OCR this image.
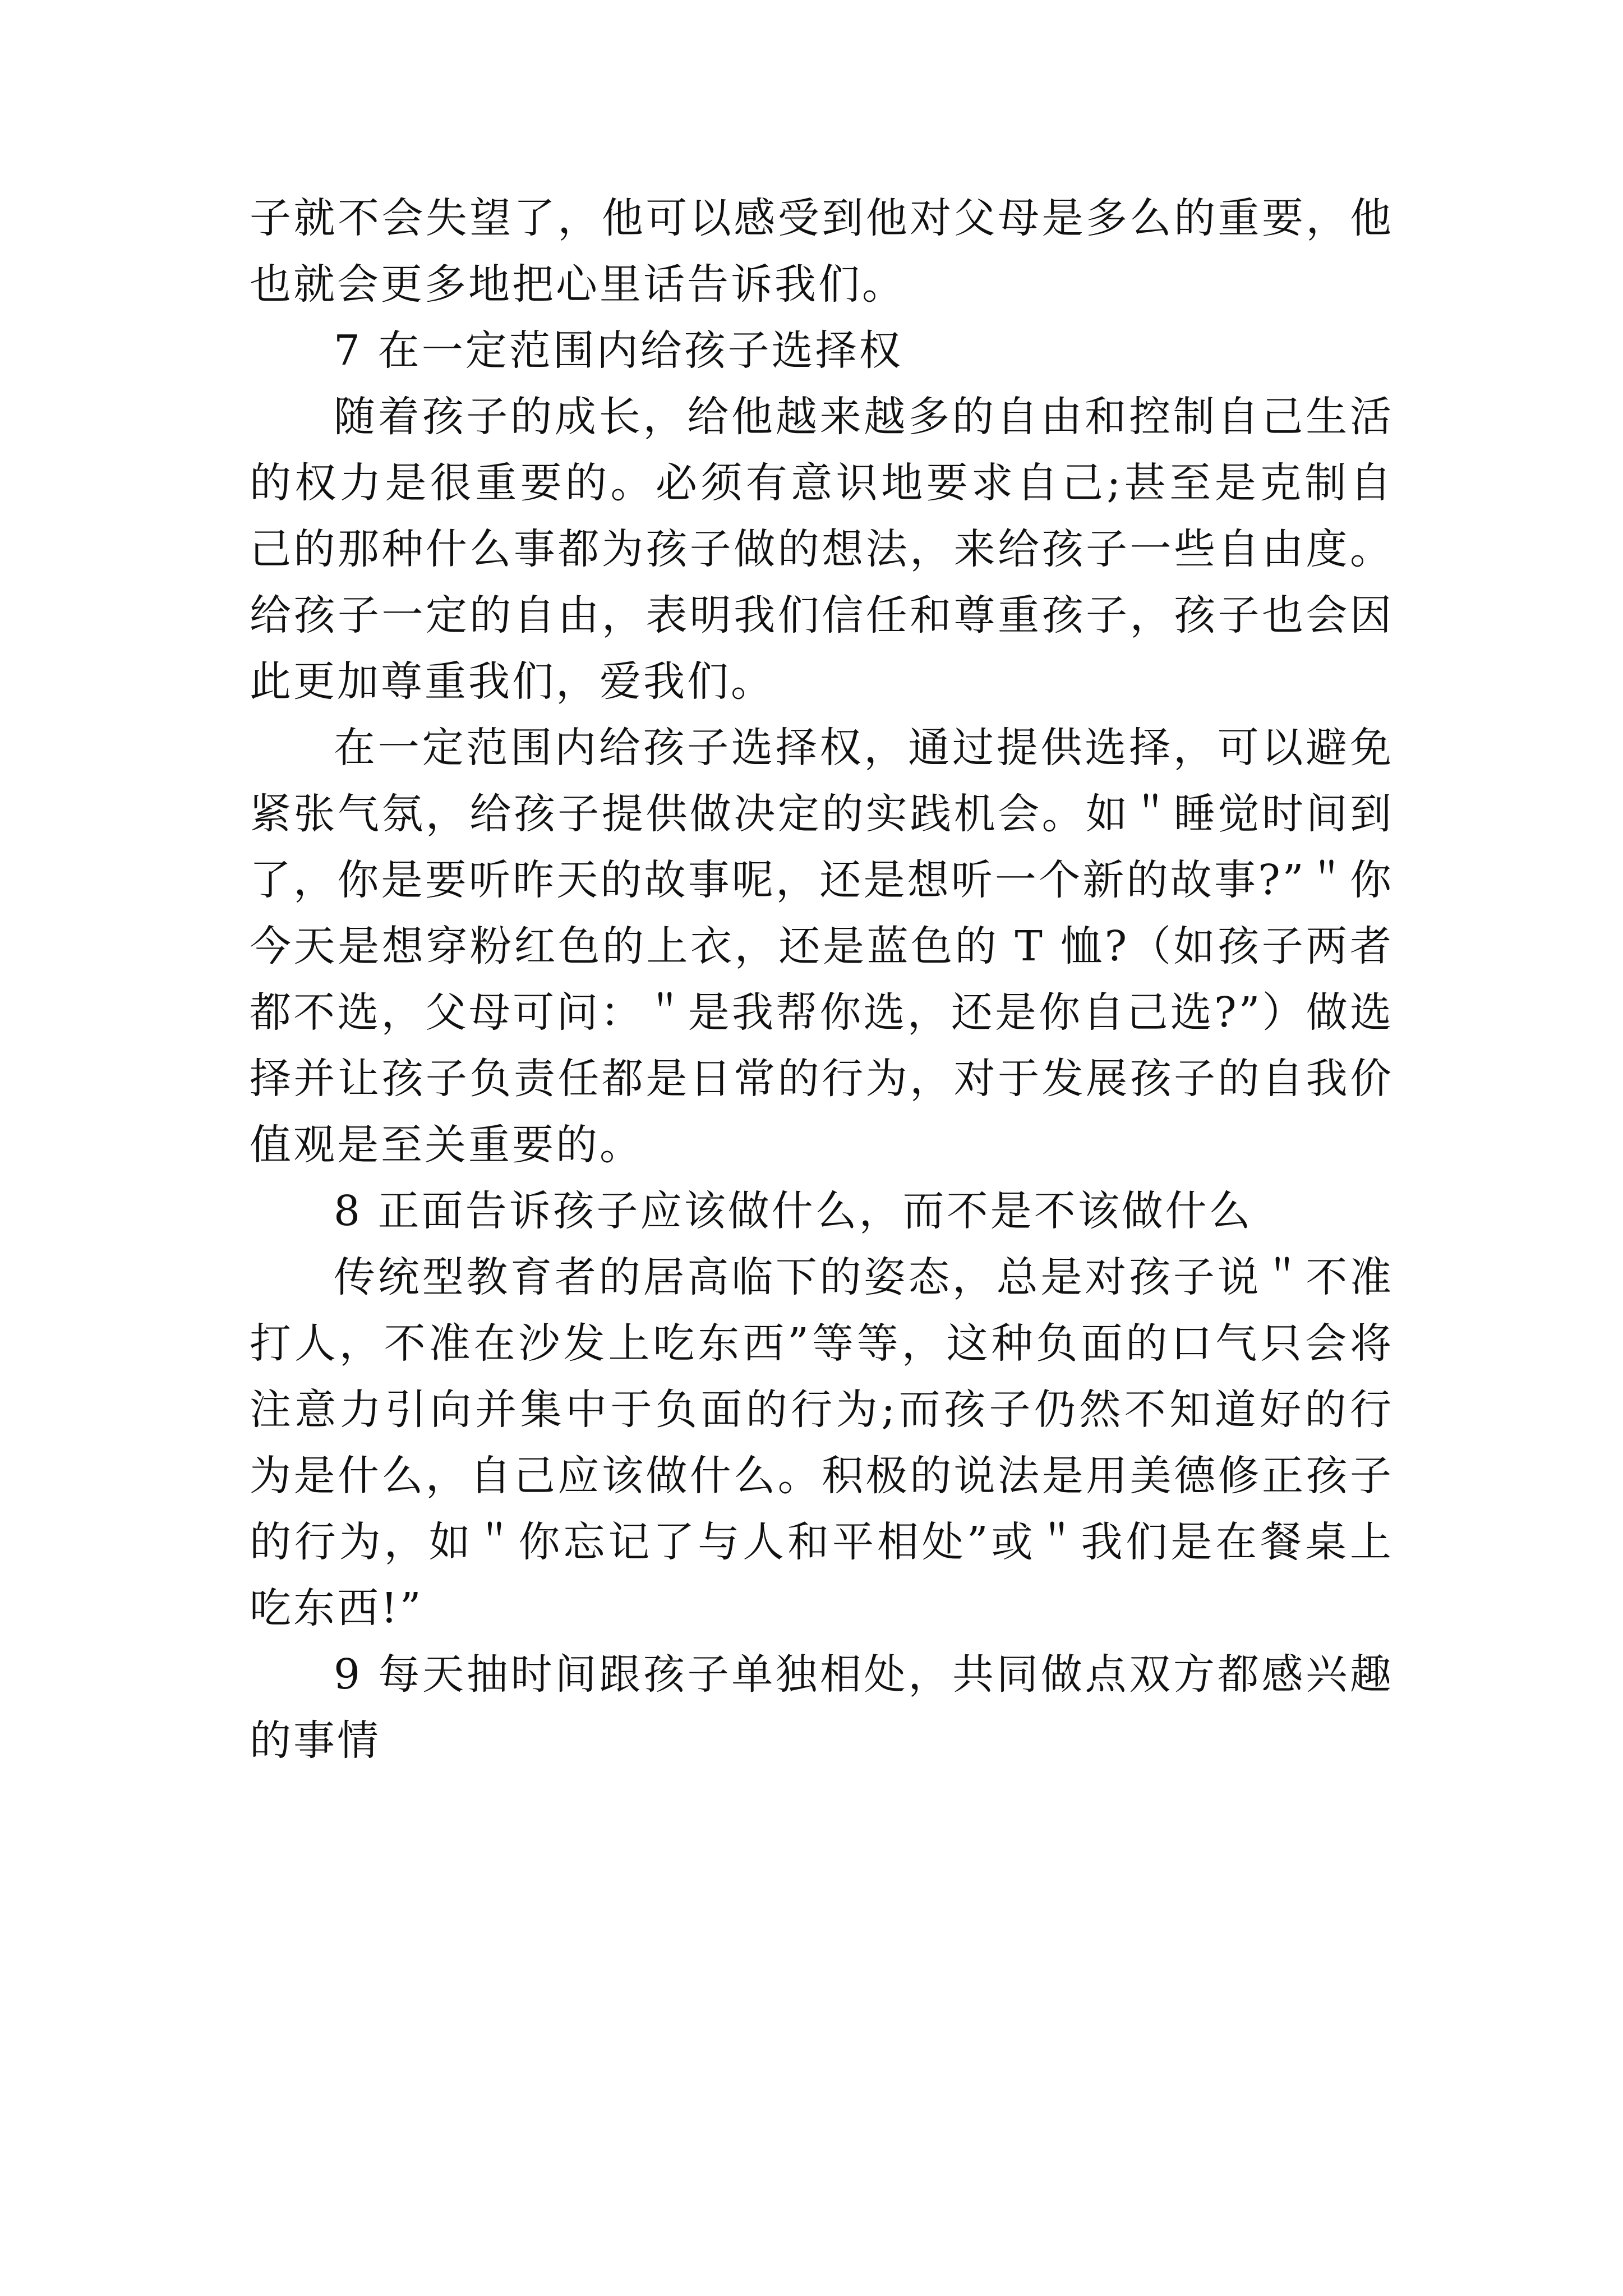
子就不会失望了，他可以感受到他对父母是多么的重要，他也就会更多地把心里话告诉我们。

7 在一定范围内给孩子选择权

随着孩子的成长，给他越来越多的自由和控制自己生活的权力是很重要的。必须有意识地要求自己;甚至是克制自己的那种什么事都为孩子做的想法，来给孩子一些自由度。给孩子一定的自由，表明我们信任和尊重孩子，孩子也会因此更加尊重我们，爱我们。

在一定范围内给孩子选择权，通过提供选择，可以避免紧张气氛，给孩子提供做决定的实践机会。如＂睡觉时间到了，你是要听昨天的故事呢，还是想听一个新的故事?”＂你今天是想穿粉红色的上衣，还是蓝色的 T 恤?（如孩子两者都不选，父母可问：＂是我帮你选，还是你自己选?”）做选择并让孩子负责任都是日常的行为，对于发展孩子的自我价值观是至关重要的。

8 正面告诉孩子应该做什么，而不是不该做什么

传统型教育者的居高临下的姿态，总是对孩子说＂不准打人，不准在沙发上吃东西”等等，这种负面的口气只会将注意力引向并集中于负面的行为;而孩子仍然不知道好的行为是什么，自己应该做什么。积极的说法是用美德修正孩子的行为，如＂你忘记了与人和平相处”或＂我们是在餐桌上吃东西!”

9 每天抽时间跟孩子单独相处，共同做点双方都感兴趣的事情
